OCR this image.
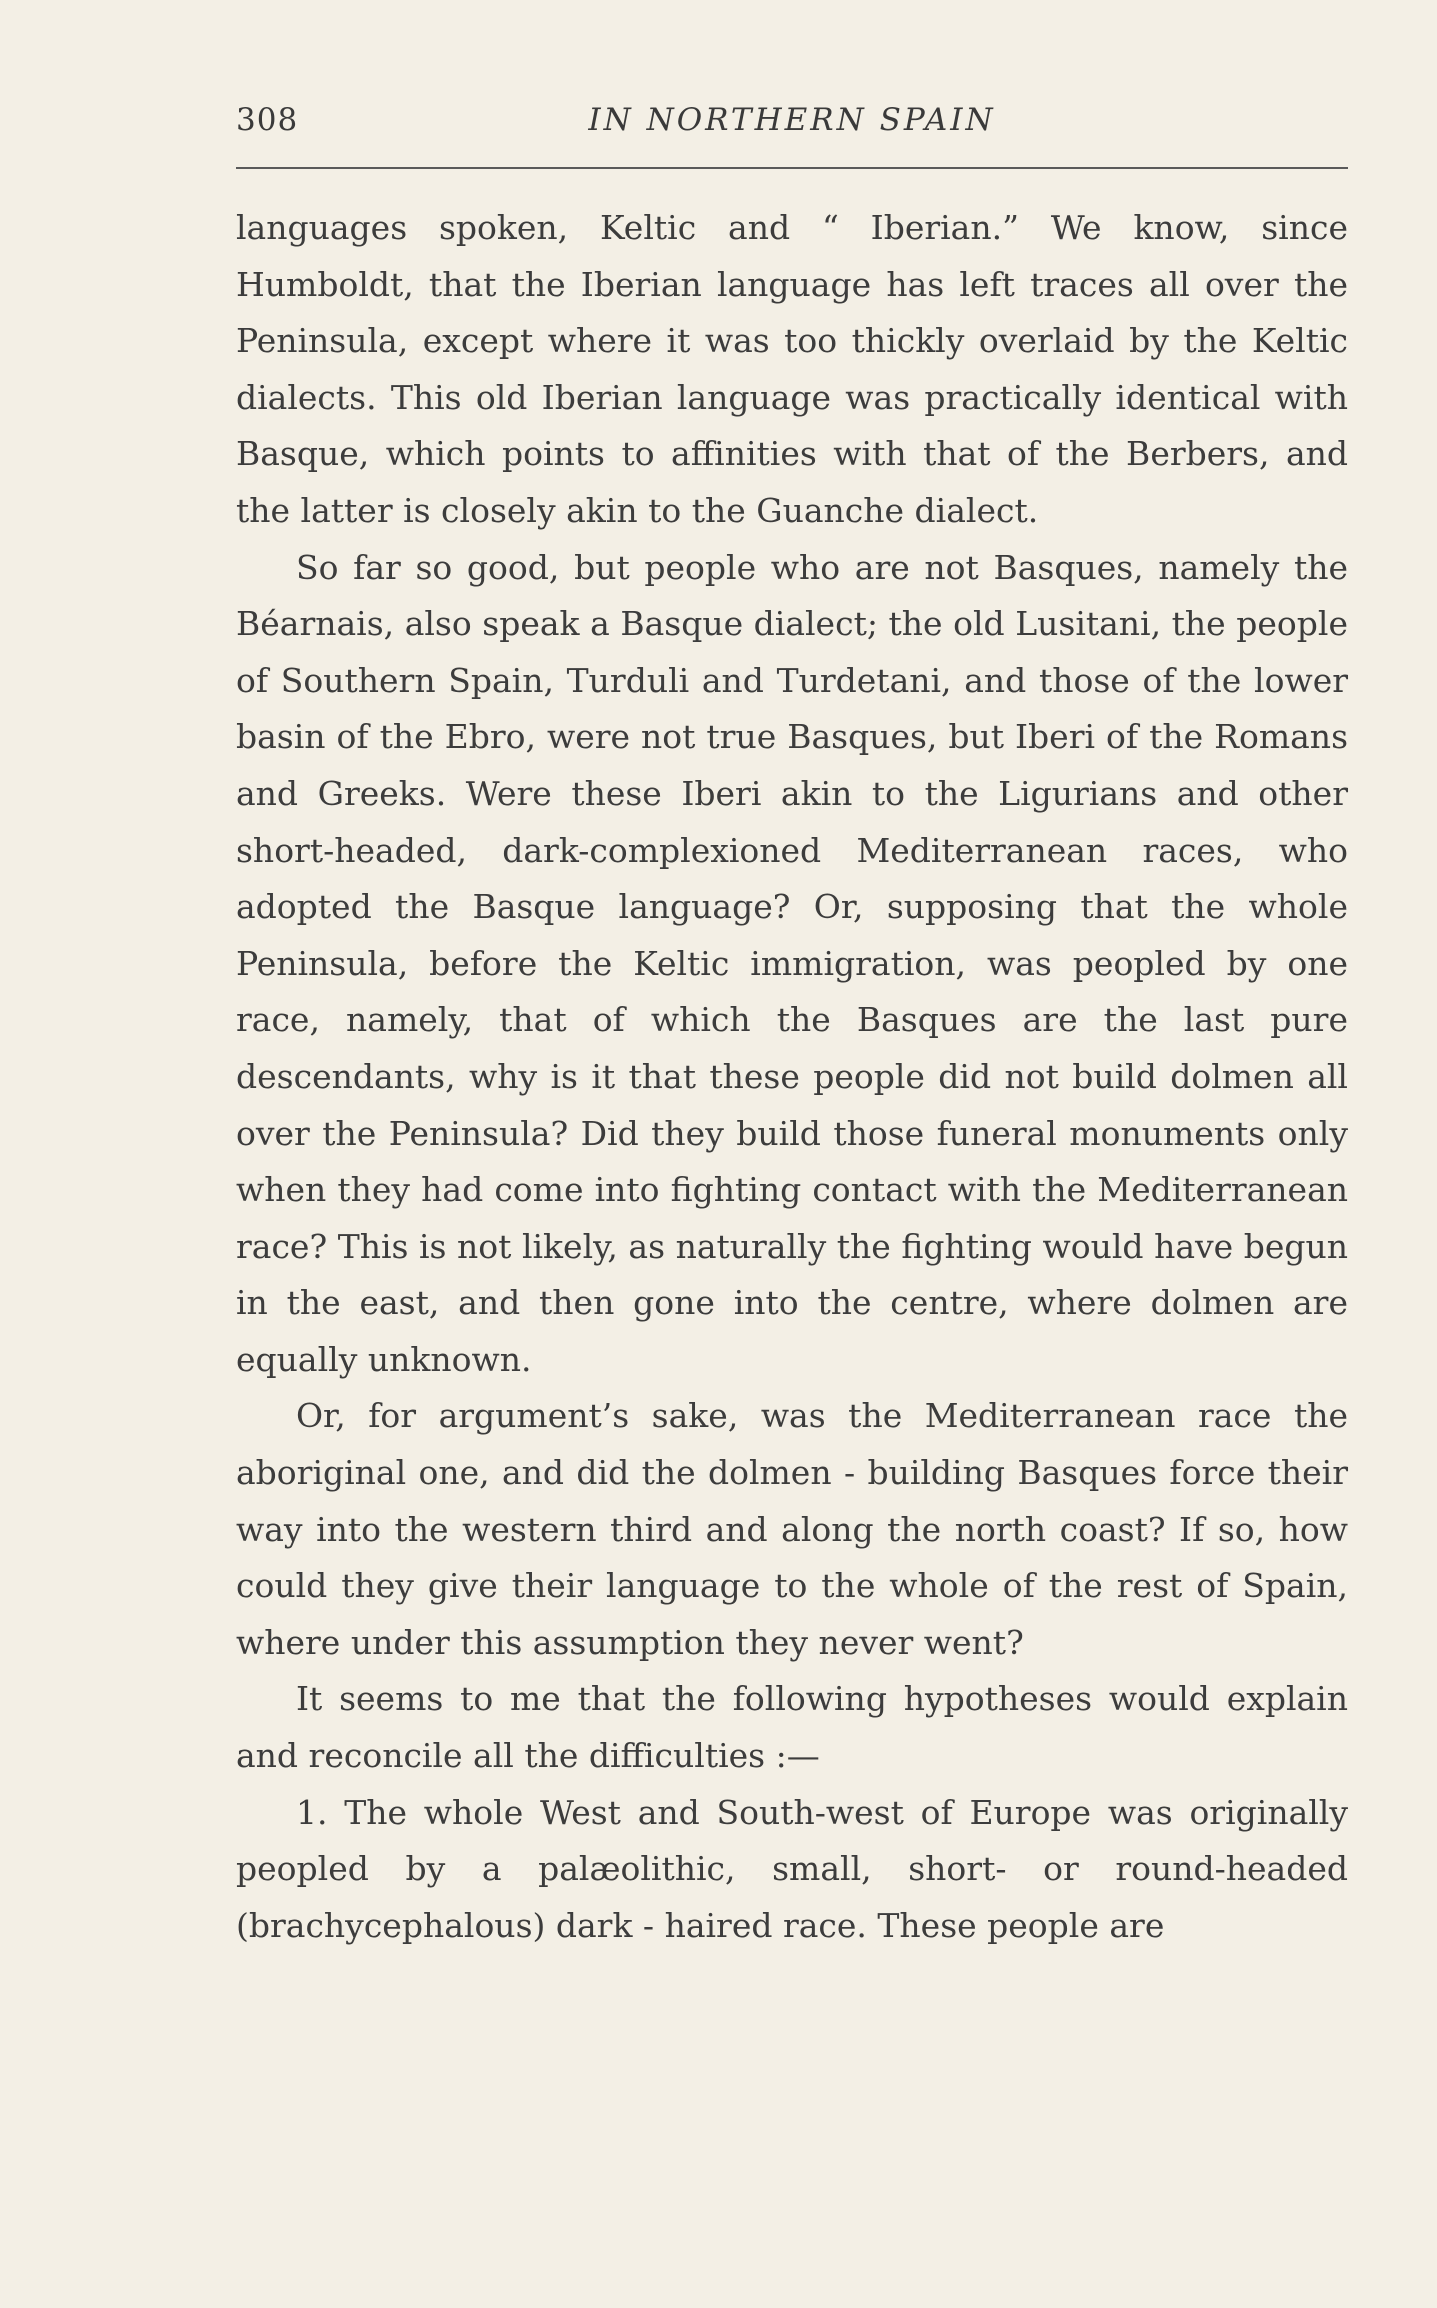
308	IN NORTHERN SPAIN

languages spoken, Keltic and “ Iberian.” We know, since Humboldt, that the Iberian language has left traces all over the Peninsula, except where it was too thickly overlaid by the Keltic dialects. This old Iberian language was practically identical with Basque, which points to affinities with that of the Berbers, and the latter is closely akin to the Guanche dialect.

So far so good, but people who are not Basques, namely the Béarnais, also speak a Basque dialect; the old Lusitani, the people of Southern Spain, Turduli and Turdetani, and those of the lower basin of the Ebro, were not true Basques, but Iberi of the Romans and Greeks. Were these Iberi akin to the Ligurians and other short-headed, dark-complexioned Mediterranean races, who adopted the Basque language? Or, supposing that the whole Peninsula, before the Keltic immigration, was peopled by one race, namely, that of which the Basques are the last pure descendants, why is it that these people did not build dolmen all over the Peninsula? Did they build those funeral monuments only when they had come into fighting contact with the Mediterranean race? This is not likely, as naturally the fighting would have begun in the east, and then gone into the centre, where dolmen are equally unknown.

Or, for argument’s sake, was the Mediterranean race the aboriginal one, and did the dolmen - building Basques force their way into the western third and along the north coast? If so, how could they give their language to the whole of the rest of Spain, where under this assumption they never went?

It seems to me that the following hypotheses would explain and reconcile all the difficulties :—

1. The whole West and South-west of Europe was originally peopled by a palæolithic, small, short- or round-headed (brachycephalous) dark - haired race. These people are
